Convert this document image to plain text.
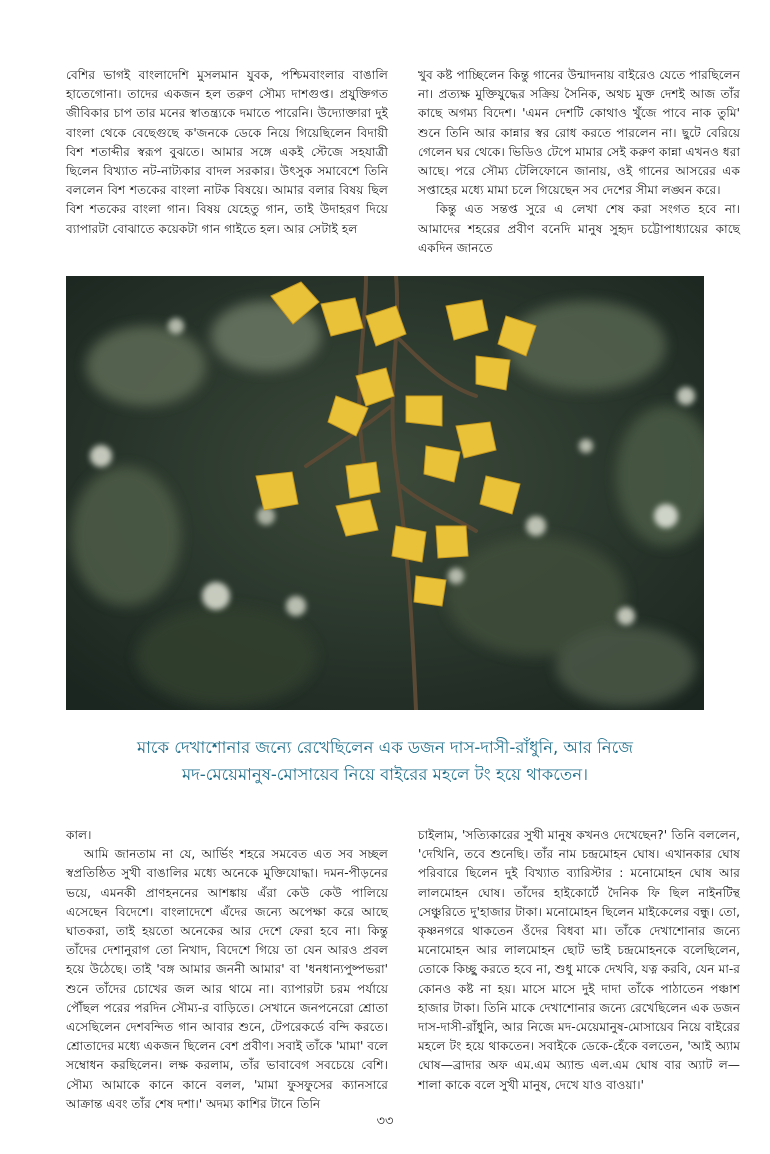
বেশির ভাগই বাংলাদেশি মুসলমান যুবক, পশ্চিমবাংলার বাঙালি হাতেগোনা। তাদের একজন হল তরুণ সৌম্য দাশগুপ্ত। প্রযুক্তিগত জীবিকার চাপ তার মনের স্বাতন্ত্র্যকে দমাতে পারেনি। উদ্যোক্তারা দুই বাংলা থেকে বেছেগুছে ক'জনকে ডেকে নিয়ে গিয়েছিলেন বিদায়ী বিশ শতাব্দীর স্বরূপ বুঝতে। আমার সঙ্গে একই স্টেজে সহযাত্রী ছিলেন বিখ্যাত নট-নাট্যকার বাদল সরকার। উৎসুক সমাবেশে তিনি বললেন বিশ শতকের বাংলা নাটক বিষয়ে। আমার বলার বিষয় ছিল বিশ শতকের বাংলা গান। বিষয় যেহেতু গান, তাই উদাহরণ দিয়ে ব্যাপারটা বোঝাতে কয়েকটা গান গাইতে হল। আর সেটাই হল

খুব কষ্ট পাচ্ছিলেন কিন্তু গানের উন্মাদনায় বাইরেও যেতে পারছিলেন না। প্রত্যক্ষ মুক্তিযুদ্ধের সক্রিয় সৈনিক, অথচ মুক্ত দেশই আজ তাঁর কাছে অগম্য বিদেশ। 'এমন দেশটি কোথাও খুঁজে পাবে নাক তুমি' শুনে তিনি আর কান্নার স্বর রোধ করতে পারলেন না। ছুটে বেরিয়ে গেলেন ঘর থেকে। ভিডিও টেপে মামার সেই করুণ কান্না এখনও ধরা আছে। পরে সৌম্য টেলিফোনে জানায়, ওই গানের আসরের এক সপ্তাহের মধ্যে মামা চলে গিয়েছেন সব দেশের সীমা লঙ্ঘন করে।

কিন্তু এত সন্তপ্ত সুরে এ লেখা শেষ করা সংগত হবে না। আমাদের শহরের প্রবীণ বনেদি মানুষ সুহৃদ চট্টোপাধ্যায়ের কাছে একদিন জানতে

মাকে দেখাশোনার জন্যে রেখেছিলেন এক ডজন দাস-দাসী-রাঁধুনি, আর নিজে
মদ-মেয়েমানুষ-মোসায়েব নিয়ে বাইরের মহলে টং হয়ে থাকতেন।

কাল।

আমি জানতাম না যে, আর্ভিং শহরে সমবেত এত সব সচ্ছল স্বপ্রতিষ্ঠিত সুখী বাঙালির মধ্যে অনেকে মুক্তিযোদ্ধা। দমন-পীড়নের ভয়ে, এমনকী প্রাণহননের আশঙ্কায় এঁরা কেউ কেউ পালিয়ে এসেছেন বিদেশে। বাংলাদেশে এঁদের জন্যে অপেক্ষা করে আছে ঘাতকরা, তাই হয়তো অনেকের আর দেশে ফেরা হবে না। কিন্তু তাঁদের দেশানুরাগ তো নিখাদ, বিদেশে গিয়ে তা যেন আরও প্রবল হয়ে উঠেছে। তাই 'বঙ্গ আমার জননী আমার' বা 'ধনধান্যপুষ্পভরা' শুনে তাঁদের চোখের জল আর থামে না। ব্যাপারটা চরম পর্যায়ে পৌঁছল পরের পরদিন সৌম্য-র বাড়িতে। সেখানে জনপনেরো শ্রোতা এসেছিলেন দেশবন্দিত গান আবার শুনে, টেপরেকর্ডে বন্দি করতে। শ্রোতাদের মধ্যে একজন ছিলেন বেশ প্রবীণ। সবাই তাঁকে 'মামা' বলে সম্বোধন করছিলেন। লক্ষ করলাম, তাঁর ভাবাবেগ সবচেয়ে বেশি। সৌম্য আমাকে কানে কানে বলল, 'মামা ফুসফুসের ক্যানসারে আক্রান্ত এবং তাঁর শেষ দশা।' অদম্য কাশির টানে তিনি

চাইলাম, 'সত্যিকারের সুখী মানুষ কখনও দেখেছেন?' তিনি বললেন, 'দেখিনি, তবে শুনেছি। তাঁর নাম চন্দ্রমোহন ঘোষ। এখানকার ঘোষ পরিবারে ছিলেন দুই বিখ্যাত ব্যারিস্টার : মনোমোহন ঘোষ আর লালমোহন ঘোষ। তাঁদের হাইকোর্টে দৈনিক ফি ছিল নাইনটিন্থ সেঞ্চুরিতে দু'হাজার টাকা। মনোমোহন ছিলেন মাইকেলের বন্ধু। তো, কৃষ্ণনগরে থাকতেন ওঁদের বিধবা মা। তাঁকে দেখাশোনার জন্যে মনোমোহন আর লালমোহন ছোট ভাই চন্দ্রমোহনকে বলেছিলেন, তোকে কিচ্ছু করতে হবে না, শুধু মাকে দেখবি, যত্ন করবি, যেন মা-র কোনও কষ্ট না হয়। মাসে মাসে দুই দাদা তাঁকে পাঠাতেন পঞ্চাশ হাজার টাকা। তিনি মাকে দেখাশোনার জন্যে রেখেছিলেন এক ডজন দাস-দাসী-রাঁধুনি, আর নিজে মদ-মেয়েমানুষ-মোসায়েব নিয়ে বাইরের মহলে টং হয়ে থাকতেন। সবাইকে ডেকে-হেঁকে বলতেন, 'আই অ্যাম ঘোষ—ব্রাদার অফ এম.এম অ্যান্ড এল.এম ঘোষ বার অ্যাট ল—শালা কাকে বলে সুখী মানুষ, দেখে যাও বাওয়া।'

৩৩
